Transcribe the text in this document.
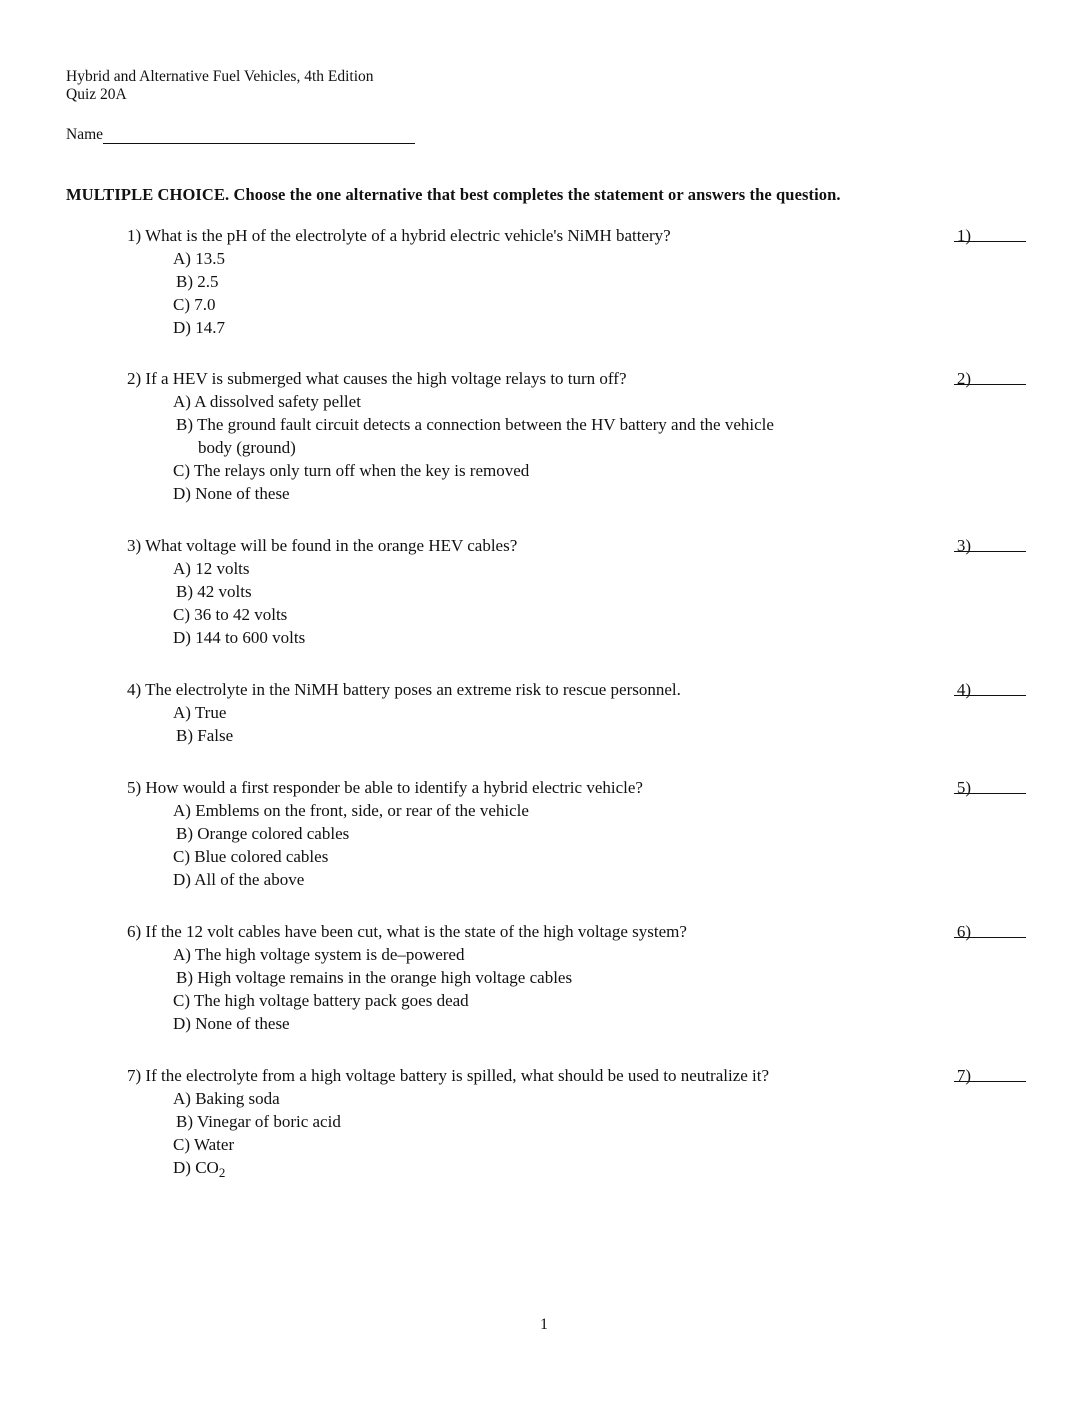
Hybrid and Alternative Fuel Vehicles, 4th Edition
Quiz 20A
Name
MULTIPLE CHOICE. Choose the one alternative that best completes the statement or answers the question.
1) What is the pH of the electrolyte of a hybrid electric vehicle's NiMH battery?	1)
A) 13.5
B) 2.5
C) 7.0
D) 14.7
2) If a HEV is submerged what causes the high voltage relays to turn off?	2)
A) A dissolved safety pellet
B) The ground fault circuit detects a connection between the HV battery and the vehicle
body (ground)
C) The relays only turn off when the key is removed
D) None of these
3) What voltage will be found in the orange HEV cables?	3)
A) 12 volts
B) 42 volts
C) 36 to 42 volts
D) 144 to 600 volts
4) The electrolyte in the NiMH battery poses an extreme risk to rescue personnel.	4)
A) True
B) False
5) How would a first responder be able to identify a hybrid electric vehicle?	5)
A) Emblems on the front, side, or rear of the vehicle
B) Orange colored cables
C) Blue colored cables
D) All of the above
6) If the 12 volt cables have been cut, what is the state of the high voltage system?	6)
A) The high voltage system is de–powered
B) High voltage remains in the orange high voltage cables
C) The high voltage battery pack goes dead
D) None of these
7) If the electrolyte from a high voltage battery is spilled, what should be used to neutralize it?	7)
A) Baking soda
B) Vinegar of boric acid
C) Water
D) $CO_2$
1
